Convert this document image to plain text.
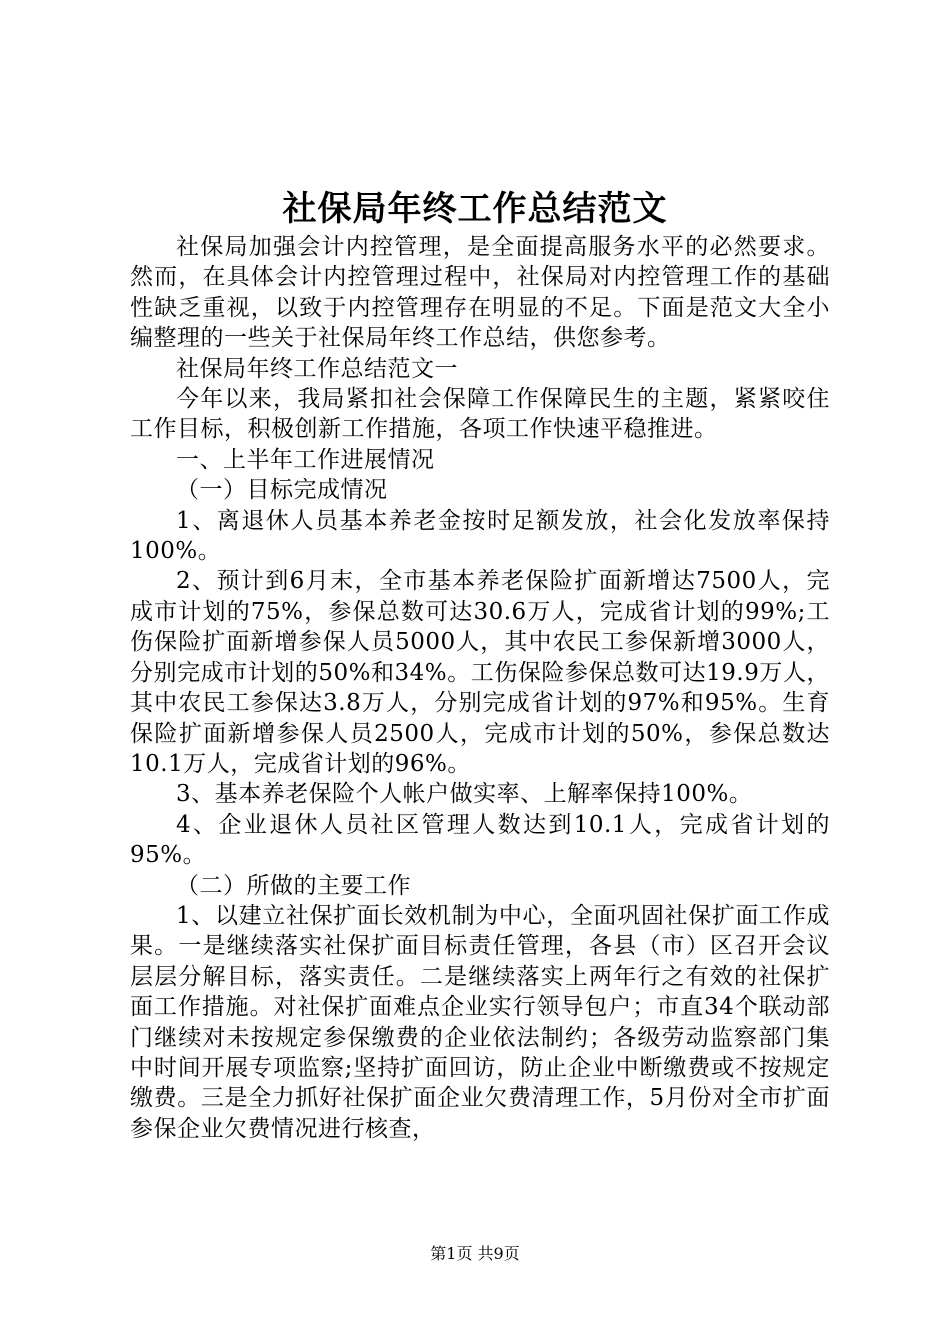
社保局年终工作总结范文

社保局加强会计内控管理，是全面提高服务水平的必然要求。然而，在具体会计内控管理过程中，社保局对内控管理工作的基础性缺乏重视，以致于内控管理存在明显的不足。下面是范文大全小编整理的一些关于社保局年终工作总结，供您参考。

社保局年终工作总结范文一

今年以来，我局紧扣社会保障工作保障民生的主题，紧紧咬住工作目标，积极创新工作措施，各项工作快速平稳推进。

一、上半年工作进展情况

（一）目标完成情况

1、离退休人员基本养老金按时足额发放，社会化发放率保持100%。

2、预计到6月末，全市基本养老保险扩面新增达7500人，完成市计划的75%，参保总数可达30.6万人，完成省计划的99%;工伤保险扩面新增参保人员5000人，其中农民工参保新增3000人，分别完成市计划的50%和34%。工伤保险参保总数可达19.9万人，其中农民工参保达3.8万人，分别完成省计划的97%和95%。生育保险扩面新增参保人员2500人，完成市计划的50%，参保总数达10.1万人，完成省计划的96%。

3、基本养老保险个人帐户做实率、上解率保持100%。

4、企业退休人员社区管理人数达到10.1人，完成省计划的95%。

（二）所做的主要工作

1、以建立社保扩面长效机制为中心，全面巩固社保扩面工作成果。一是继续落实社保扩面目标责任管理，各县（市）区召开会议层层分解目标，落实责任。二是继续落实上两年行之有效的社保扩面工作措施。对社保扩面难点企业实行领导包户；市直34个联动部门继续对未按规定参保缴费的企业依法制约；各级劳动监察部门集中时间开展专项监察;坚持扩面回访，防止企业中断缴费或不按规定缴费。三是全力抓好社保扩面企业欠费清理工作，5月份对全市扩面参保企业欠费情况进行核查，

第1页 共9页
